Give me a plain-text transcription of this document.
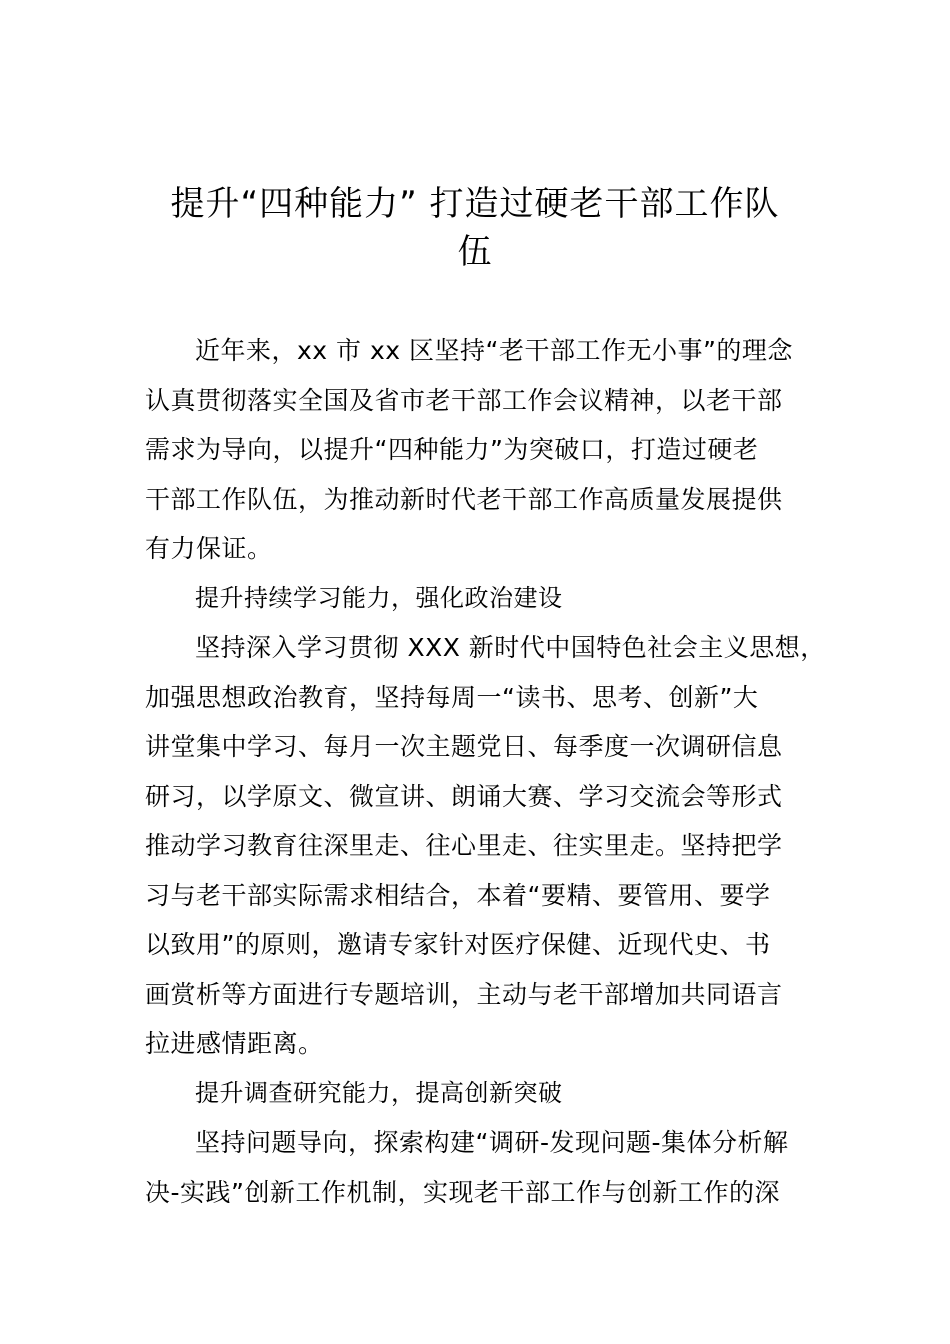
提升“四种能力” 打造过硬老干部工作队
伍
近年来，xx 市 xx 区坚持“老干部工作无小事”的理念
认真贯彻落实全国及省市老干部工作会议精神，以老干部
需求为导向，以提升“四种能力”为突破口，打造过硬老
干部工作队伍，为推动新时代老干部工作高质量发展提供
有力保证。
提升持续学习能力，强化政治建设
坚持深入学习贯彻 XXX 新时代中国特色社会主义思想，
加强思想政治教育，坚持每周一“读书、思考、创新”大
讲堂集中学习、每月一次主题党日、每季度一次调研信息
研习，以学原文、微宣讲、朗诵大赛、学习交流会等形式
推动学习教育往深里走、往心里走、往实里走。坚持把学
习与老干部实际需求相结合，本着“要精、要管用、要学
以致用”的原则，邀请专家针对医疗保健、近现代史、书
画赏析等方面进行专题培训，主动与老干部增加共同语言
拉进感情距离。
提升调查研究能力，提高创新突破
坚持问题导向，探索构建“调研-发现问题-集体分析解
决-实践”创新工作机制，实现老干部工作与创新工作的深
